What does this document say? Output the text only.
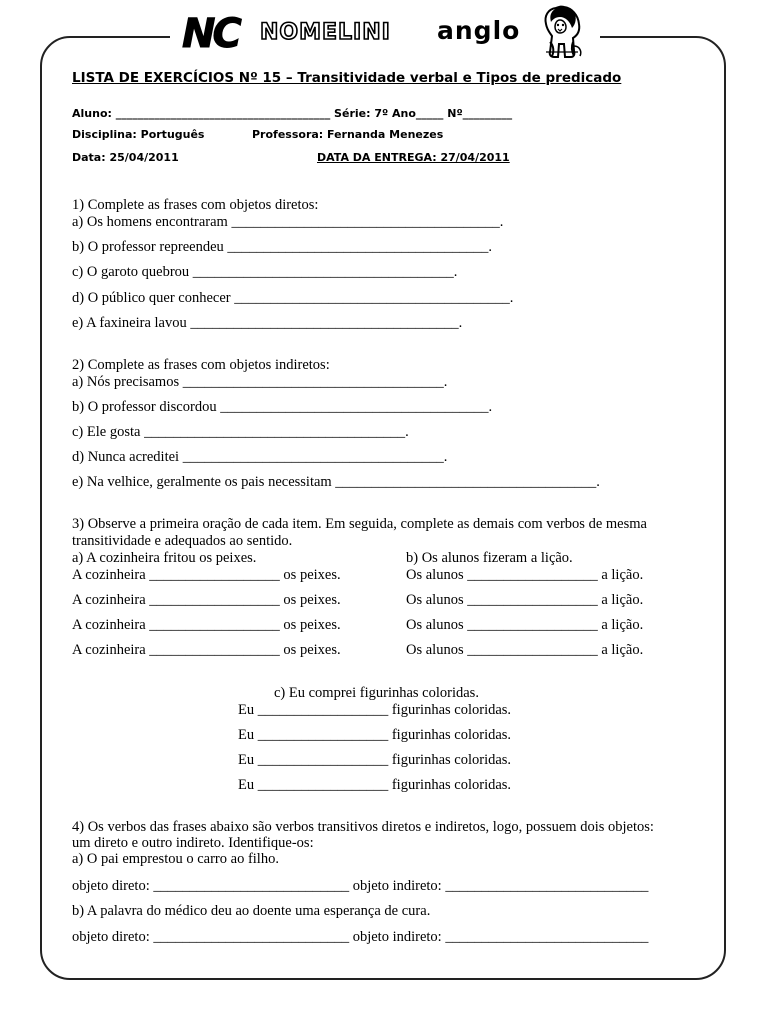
NC NOMELINI anglo
LISTA DE EXERCÍCIOS Nº 15 – Transitividade verbal e Tipos de predicado
Aluno: _______________________________________ Série: 7º Ano_____ Nº_________
Disciplina: Português	Professora: Fernanda Menezes
Data: 25/04/2011	DATA DA ENTREGA: 27/04/2011
1) Complete as frases com objetos diretos:
a) Os homens encontraram _____________________________________.
b) O professor repreendeu ____________________________________.
c) O garoto quebrou ____________________________________.
d) O público quer conhecer ______________________________________.
e) A faxineira lavou _____________________________________.
2) Complete as frases com objetos indiretos:
a) Nós precisamos ____________________________________.
b) O professor discordou _____________________________________.
c) Ele gosta ____________________________________.
d) Nunca acreditei ____________________________________.
e) Na velhice, geralmente os pais necessitam ____________________________________.
3) Observe a primeira oração de cada item. Em seguida, complete as demais com verbos de mesma
transitividade e adequados ao sentido.
a) A cozinheira fritou os peixes.	b) Os alunos fizeram a lição.
A cozinheira __________________ os peixes.	Os alunos __________________ a lição.
A cozinheira __________________ os peixes.	Os alunos __________________ a lição.
A cozinheira __________________ os peixes.	Os alunos __________________ a lição.
A cozinheira __________________ os peixes.	Os alunos __________________ a lição.
c) Eu comprei figurinhas coloridas.
Eu __________________ figurinhas coloridas.
Eu __________________ figurinhas coloridas.
Eu __________________ figurinhas coloridas.
Eu __________________ figurinhas coloridas.
4) Os verbos das frases abaixo são verbos transitivos diretos e indiretos, logo, possuem dois objetos:
um direto e outro indireto. Identifique-os:
a) O pai emprestou o carro ao filho.
objeto direto: ___________________________ objeto indireto: ____________________________
b) A palavra do médico deu ao doente uma esperança de cura.
objeto direto: ___________________________ objeto indireto: ____________________________
